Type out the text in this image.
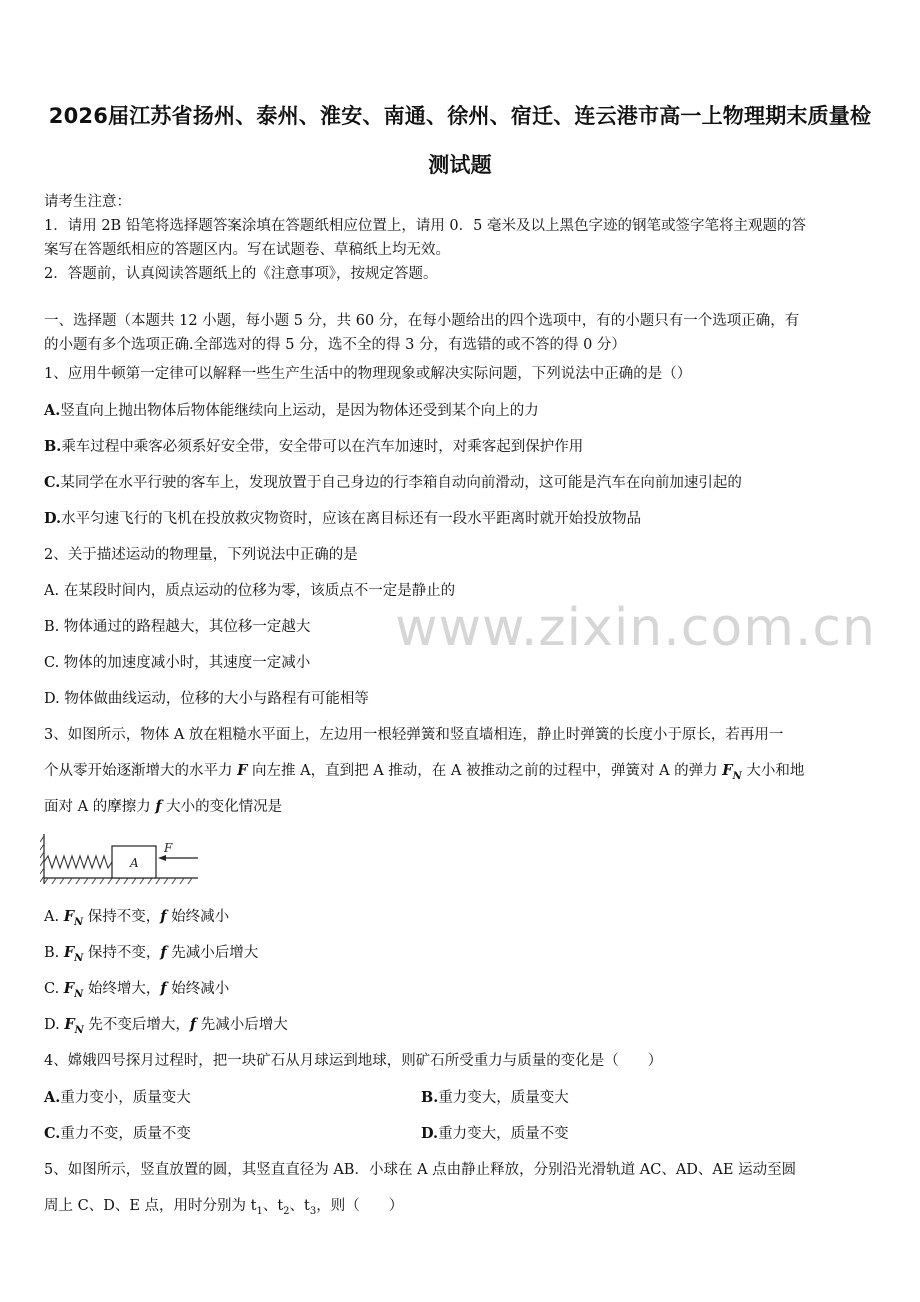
2026届江苏省扬州、泰州、淮安、南通、徐州、宿迁、连云港市高一上物理期末质量检
测试题
请考生注意：
1．请用 2B 铅笔将选择题答案涂填在答题纸相应位置上，请用 0．5 毫米及以上黑色字迹的钢笔或签字笔将主观题的答
案写在答题纸相应的答题区内。写在试题卷、草稿纸上均无效。
2．答题前，认真阅读答题纸上的《注意事项》，按规定答题。
一、选择题（本题共 12 小题，每小题 5 分，共 60 分，在每小题给出的四个选项中，有的小题只有一个选项正确，有
的小题有多个选项正确.全部选对的得 5 分，选不全的得 3 分，有选错的或不答的得 0 分）
1、应用牛顿第一定律可以解释一些生产生活中的物理现象或解决实际问题，下列说法中正确的是（）
A.竖直向上抛出物体后物体能继续向上运动，是因为物体还受到某个向上的力
B.乘车过程中乘客必须系好安全带，安全带可以在汽车加速时，对乘客起到保护作用
C.某同学在水平行驶的客车上，发现放置于自己身边的行李箱自动向前滑动，这可能是汽车在向前加速引起的
D.水平匀速飞行的飞机在投放救灾物资时，应该在离目标还有一段水平距离时就开始投放物品
2、关于描述运动的物理量，下列说法中正确的是
A. 在某段时间内，质点运动的位移为零，该质点不一定是静止的
B. 物体通过的路程越大，其位移一定越大
C. 物体的加速度减小时，其速度一定减小
D. 物体做曲线运动，位移的大小与路程有可能相等
www.zixin.com.cn
3、如图所示，物体 A 放在粗糙水平面上，左边用一根轻弹簧和竖直墙相连，静止时弹簧的长度小于原长，若再用一
个从零开始逐渐增大的水平力 F 向左推 A，直到把 A 推动，在 A 被推动之前的过程中，弹簧对 A 的弹力 $F_N$ 大小和地
面对 A 的摩擦力 f 大小的变化情况是
A
F
A. $F_N$ 保持不变，f 始终减小
B. $F_N$ 保持不变，f 先减小后增大
C. $F_N$ 始终增大，f 始终减小
D. $F_N$ 先不变后增大，f 先减小后增大
4、嫦娥四号探月过程时，把一块矿石从月球运到地球，则矿石所受重力与质量的变化是（　　）
A.重力变小，质量变大	B.重力变大，质量变大
C.重力不变，质量不变	D.重力变大，质量不变
5、如图所示，竖直放置的圆，其竖直直径为 AB．小球在 A 点由静止释放，分别沿光滑轨道 AC、AD、AE 运动至圆
周上 C、D、E 点，用时分别为 $t_1$、$t_2$、$t_3$，则（　　）
